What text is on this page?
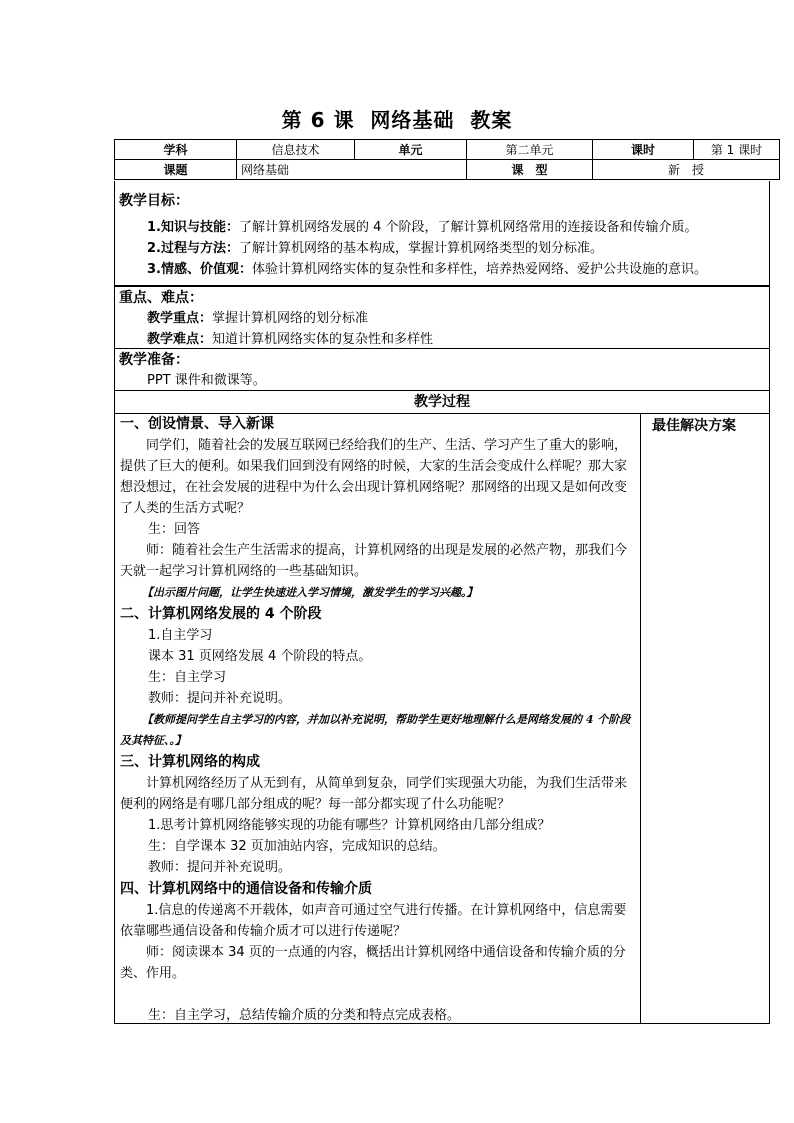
第 6 课 网络基础 教案
学科	信息技术	单元	第二单元	课时	第 1 课时
课题	网络基础		课　型	新　授	
教学目标：
1.知识与技能：了解计算机网络发展的 4 个阶段，了解计算机网络常用的连接设备和传输介质。
2.过程与方法：了解计算机网络的基本构成，掌握计算机网络类型的划分标准。
3.情感、价值观：体验计算机网络实体的复杂性和多样性，培养热爱网络、爱护公共设施的意识。
重点、难点：
教学重点：掌握计算机网络的划分标准
教学难点：知道计算机网络实体的复杂性和多样性
教学准备：
PPT 课件和微课等。
教学过程

一、创设情景、导入新课

同学们，随着社会的发展互联网已经给我们的生产、生活、学习产生了重大的影响，提供了巨大的便利。如果我们回到没有网络的时候，大家的生活会变成什么样呢？那大家想没想过，在社会发展的进程中为什么会出现计算机网络呢？那网络的出现又是如何改变了人类的生活方式呢？

生：回答

师：随着社会生产生活需求的提高，计算机网络的出现是发展的必然产物，那我们今天就一起学习计算机网络的一些基础知识。

【出示图片问题，让学生快速进入学习情境，激发学生的学习兴趣。】

二、计算机网络发展的 4 个阶段

1.自主学习

课本 31 页网络发展 4 个阶段的特点。

生：自主学习

教师：提问并补充说明。

【教师提问学生自主学习的内容，并加以补充说明，帮助学生更好地理解什么是网络发展的 4 个阶段及其特征、。】

三、计算机网络的构成

计算机网络经历了从无到有，从简单到复杂，同学们实现强大功能，为我们生活带来便利的网络是有哪几部分组成的呢？每一部分都实现了什么功能呢？

1.思考计算机网络能够实现的功能有哪些？计算机网络由几部分组成？

生：自学课本 32 页加油站内容，完成知识的总结。

教师：提问并补充说明。

四、计算机网络中的通信设备和传输介质

1.信息的传递离不开载体，如声音可通过空气进行传播。在计算机网络中，信息需要依靠哪些通信设备和传输介质才可以进行传递呢？

师：阅读课本 34 页的一点通的内容，概括出计算机网络中通信设备和传输介质的分类、作用。

生：自主学习，总结传输介质的分类和特点完成表格。

最佳解决方案
